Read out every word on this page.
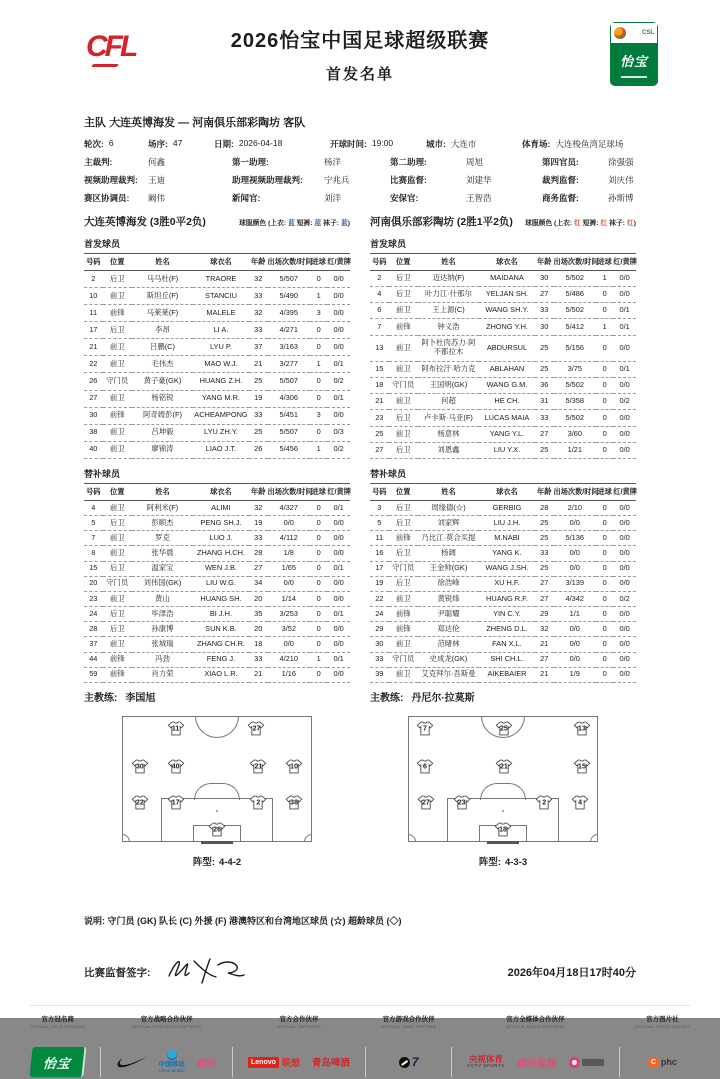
CFL	2026怡宝中国足球超级联赛
首发名单
CSL
怡宝
主队 大连英博海发 — 河南俱乐部彩陶坊 客队
轮次: 6	场序: 47	日期: 2026-04-18	开球时间: 19:00	城市: 大连市	体育场: 大连梭鱼湾足球场
主裁判:	何鑫	第一助理:	杨洋	第二助理:	周旭	第四官员:	徐强强
视频助理裁判:	王迪	助理视频助理裁判:	宁兆兵	比赛监督:	刘建华	裁判监督:	刘庆伟
赛区协调员:	阚伟	新闻官:	刘洋	安保官:	王智浩	商务监督:	孙斯博
大连英博海发 (3胜0平2负)	球服颜色 (上衣: 蓝 短裤: 蓝 袜子: 蓝)
首发球员
号码	位置	姓名	球衣名	年龄	出场次数/时间	进球	红/黄牌
2	后卫	马马杜(F)	TRAORE	32	5/507	0	0/0
10	前卫	斯坦丘(F)	STANCIU	33	5/490	1	0/0
11	前锋	马莱莱(F)	MALELE	32	4/395	3	0/0
17	后卫	李昂	LI A.	33	4/271	0	0/0
21	前卫	吕鹏(C)	LYU P.	37	3/163	0	0/0
22	前卫	毛伟杰	MAO W.J.	21	3/277	1	0/1
26	守门员	黄子豪(GK)	HUANG Z.H.	25	5/507	0	0/2
27	前卫	杨铭锐	YANG M.R.	19	4/306	0	0/1
30	前锋	阿奇姆彭(F)	ACHEAMPONG	33	5/451	3	0/0
38	前卫	吕坤毅	LYU ZH.Y.	25	5/507	0	0/3
40	前卫	廖锦涛	LIAO J.T.	26	5/456	1	0/2
替补球员
号码	位置	姓名	球衣名	年龄	出场次数/时间	进球	红/黄牌
4	前卫	阿利米(F)	ALIMI	32	4/327	0	0/1
5	后卫	彭顺杰	PENG SH.J.	19	0/0	0	0/0
7	前卫	罗克	LUO J.	33	4/112	0	0/0
8	前卫	张华晨	ZHANG H.CH.	28	1/8	0	0/0
15	后卫	温家宝	WEN J.B.	27	1/65	0	0/1
20	守门员	刘伟国(GK)	LIU W.G.	34	0/0	0	0/0
23	前卫	黄山	HUANG SH.	20	1/14	0	0/0
24	后卫	毕津浩	BI J.H.	35	3/253	0	0/1
28	后卫	孙康博	SUN K.B.	20	3/52	0	0/0
37	前卫	张城瑞	ZHANG CH.R.	18	0/0	0	0/0
44	前锋	冯劲	FENG J.	33	4/210	1	0/1
59	前锋	肖力荣	XIAO L.R.	21	1/16	0	0/0
主教练: 李国旭
11	27
30	40	21	10
22	17	2	38
26
阵型: 4-4-2
河南俱乐部彩陶坊 (2胜1平2负) 球服颜色 (上衣: 红 短裤: 红 袜子: 红)
首发球员
号码	位置	姓名	球衣名	年龄	出场次数/时间	进球	红/黄牌
2	后卫	迈达纳(F)	MAIDANA	30	5/502	1	0/0
4	后卫	叶力江·什那尔	YELJAN SH.	27	5/486	0	0/0
6	前卫	王上源(C)	WANG SH.Y.	33	5/502	0	0/1
7	前锋	钟义浩	ZHONG Y.H.	30	5/412	1	0/1
13	前卫	阿卜杜肉苏力·阿不都拉木	ABDURSUL	25	5/156	0	0/0
15	前卫	阿布拉汗·哈力克	ABLAHAN	25	3/75	0	0/1
18	守门员	王国明(GK)	WANG G.M.	36	5/502	0	0/0
21	前卫	何超	HE CH.	31	5/358	0	0/2
23	后卫	卢卡斯·马亚(F)	LUCAS MAIA	33	5/502	0	0/0
25	前卫	杨意林	YANG Y.L.	27	3/60	0	0/0
27	后卫	刘恩鑫	LIU Y.X.	25	1/21	0	0/0
替补球员
号码	位置	姓名	球衣名	年龄	出场次数/时间	进球	红/黄牌
3	后卫	周缘德(☆)	GERBIG	28	2/10	0	0/0
5	后卫	刘家辉	LIU J.H.	25	0/0	0	0/0
11	前锋	乃比江·莫合买提	M.NABI	25	5/136	0	0/0
16	后卫	杨阔	YANG K.	33	0/0	0	0/0
17	守门员	王金帅(GK)	WANG J.SH.	25	0/0	0	0/0
19	后卫	徐浩峰	XU H.F.	27	3/139	0	0/0
22	前卫	黄锐烽	HUANG R.F.	27	4/342	0	0/2
24	前锋	尹聪耀	YIN C.Y.	29	1/1	0	0/0
29	前锋	郑达伦	ZHENG D.L.	32	0/0	0	0/0
30	前卫	范暏林	FAN X.L.	21	0/0	0	0/0
33	守门员	史成龙(GK)	SHI CH.L.	27	0/0	0	0/0
39	前卫	艾克拜尔·吾斯曼	AIKEBAIER	21	1/9	0	0/0
主教练: 丹尼尔·拉莫斯
7	25	13
6	21	15
27	23	2	4
18
阵型: 4-3-3
说明: 守门员 (GK) 队长 (C) 外援 (F) 港澳特区和台湾地区球员 (☆) 超龄球员 (◇)
比赛监督签字:	2026年04月18日17时40分
官方冠名商
OFFICIAL TITLE SPONSOR
怡宝
官方战略合作伙伴
OFFICIAL STRATEGIC PARTNERS
中国移动
China Mobile
咪咕
官方合作伙伴
OFFICIAL PARTNERS
Lenovo 联想 青岛啤酒
官方游戏合作伙伴
OFFICIAL GAME PARTNER
7
官方全媒体合作伙伴
OFFICIAL MEDIA PARTNERS
央视体育
CCTV SPORTS 咪咕视频
官方图片社
OFFICIAL PHOTO AGENCY
C phc
